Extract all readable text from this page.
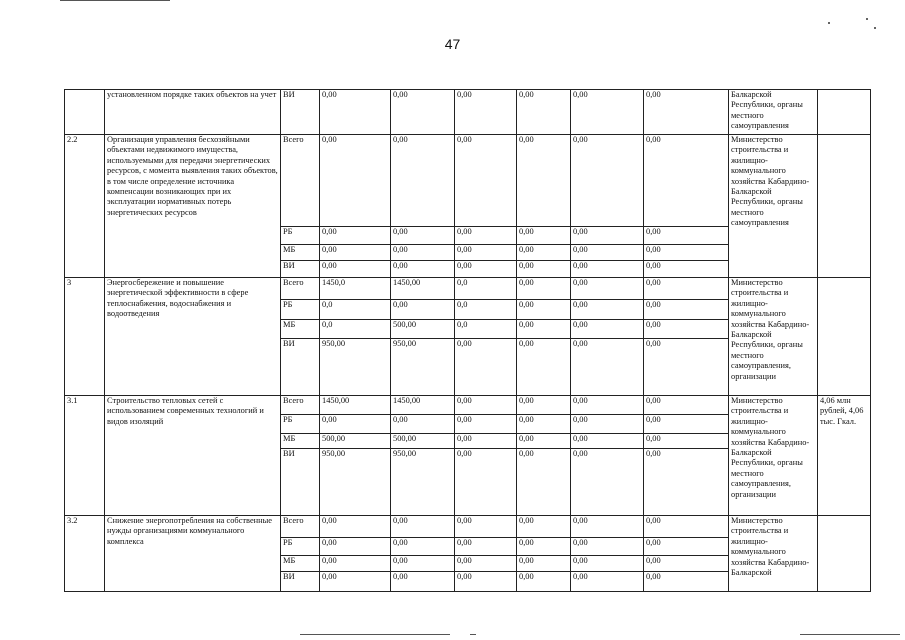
47
	установленном порядке таких объектов на учет	ВИ	0,00	0,00	0,00	0,00	0,00	0,00	Балкарской Республики, органы местного самоуправления	
2.2	Организация управления бесхозяйными объектами недвижимого имущества, используемыми для передачи энергетических ресурсов, с момента выявления таких объектов, в том числе определение источника компенсации возникающих при их эксплуатации нормативных потерь энергетических ресурсов	Всего	0,00	0,00	0,00	0,00	0,00	0,00	Министерство строительства и жилищно-коммунального хозяйства Кабардино-Балкарской Республики, органы местного самоуправления	
		РБ	0,00	0,00	0,00	0,00	0,00	0,00		
		МБ	0,00	0,00	0,00	0,00	0,00	0,00		
		ВИ	0,00	0,00	0,00	0,00	0,00	0,00		
3	Энергосбережение и повышение энергетической эффективности в сфере теплоснабжения, водоснабжения и водоотведения	Всего	1450,0	1450,00	0,0	0,00	0,00	0,00	Министерство строительства и жилищно-коммунального хозяйства Кабардино-Балкарской Республики, органы местного самоуправления, организации	
		РБ	0,0	0,00	0,0	0,00	0,00	0,00		
		МБ	0,0	500,00	0,0	0,00	0,00	0,00		
		ВИ	950,00	950,00	0,00	0,00	0,00	0,00		
3.1	Строительство тепловых сетей с использованием современных технологий и видов изоляций	Всего	1450,00	1450,00	0,00	0,00	0,00	0,00	Министерство строительства и жилищно-коммунального хозяйства Кабардино-Балкарской Республики, органы местного самоуправления, организации	4,06 млн рублей, 4,06 тыс. Гкал.
		РБ	0,00	0,00	0,00	0,00	0,00	0,00		
		МБ	500,00	500,00	0,00	0,00	0,00	0,00		
		ВИ	950,00	950,00	0,00	0,00	0,00	0,00		
3.2	Снижение энергопотребления на собственные нужды организациями коммунального комплекса	Всего	0,00	0,00	0,00	0,00	0,00	0,00	Министерство строительства и жилищно-коммунального хозяйства Кабардино-Балкарской	
		РБ	0,00	0,00	0,00	0,00	0,00	0,00		
		МБ	0,00	0,00	0,00	0,00	0,00	0,00		
		ВИ	0,00	0,00	0,00	0,00	0,00	0,00		
